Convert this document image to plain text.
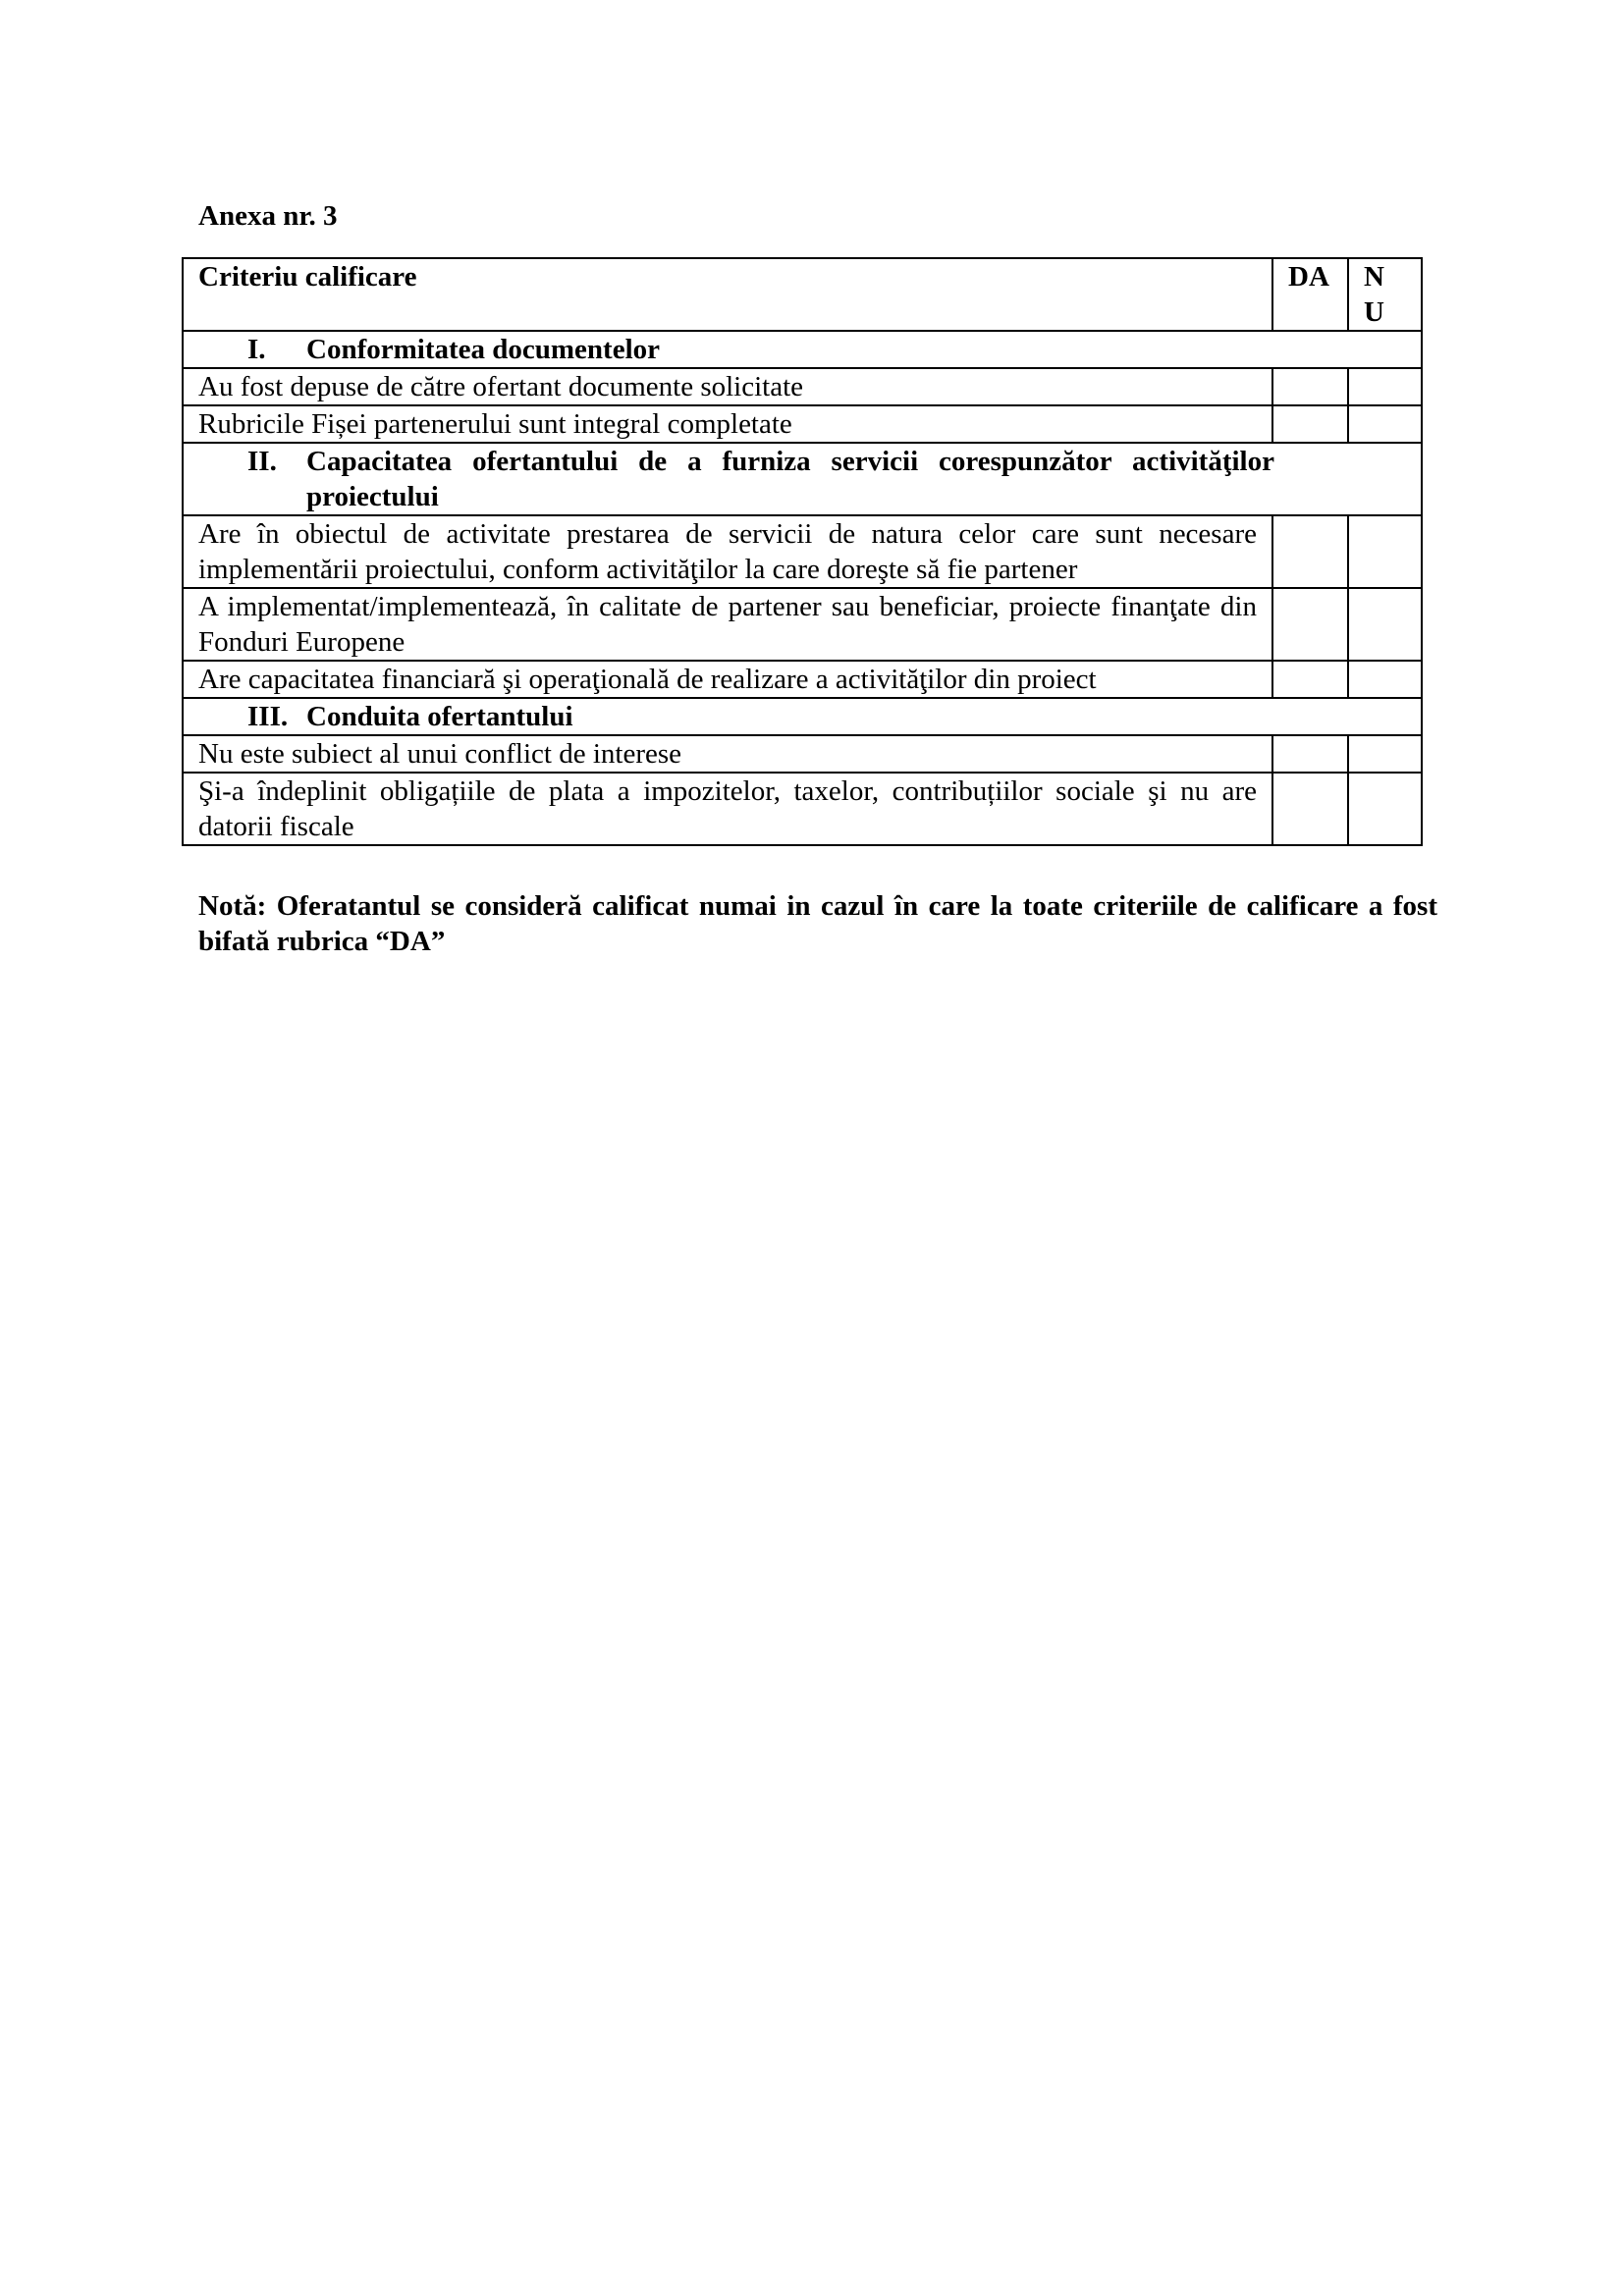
Anexa nr. 3
Criteriu calificare	DA	N
U

I. Conformitatea documentelor		

Au fost depuse de către ofertant documente solicitate		
Rubricile Fișei partenerului sunt integral completate		

II. Capacitatea ofertantului de a furniza servicii corespunzător activităţilor proiectului		

Are în obiectul de activitate prestarea de servicii de natura celor care sunt necesare implementării proiectului, conform activităţilor la care doreşte să fie partener		
A implementat/implementează, în calitate de partener sau beneficiar, proiecte finanţate din Fonduri Europene		
Are capacitatea financiară şi operaţională de realizare a activităţilor din proiect		

III. Conduita ofertantului		

Nu este subiect al unui conflict de interese		
Şi-a îndeplinit obligațiile de plata a impozitelor, taxelor, contribuțiilor sociale şi nu are datorii fiscale		
Notă: Oferatantul se consideră calificat numai in cazul în care la toate criteriile de calificare a fost bifată rubrica “DA”
